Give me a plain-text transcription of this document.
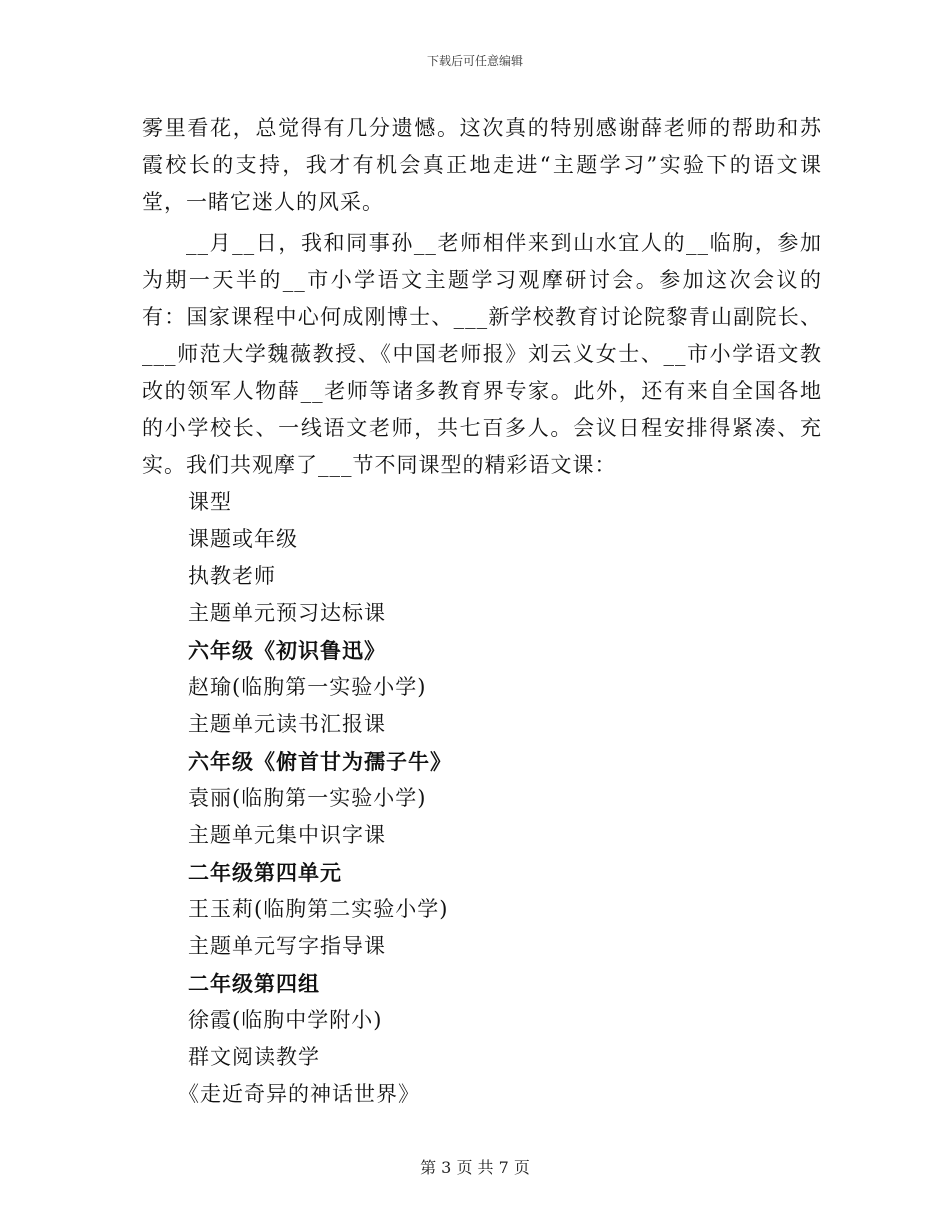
下载后可任意编辑

雾里看花，总觉得有几分遗憾。这次真的特别感谢薛老师的帮助和苏霞校长的支持，我才有机会真正地走进“主题学习”实验下的语文课堂，一睹它迷人的风采。

__月__日，我和同事孙__老师相伴来到山水宜人的__临朐，参加为期一天半的__市小学语文主题学习观摩研讨会。参加这次会议的有：国家课程中心何成刚博士、___新学校教育讨论院黎青山副院长、___师范大学魏薇教授、《中国老师报》刘云义女士、__市小学语文教改的领军人物薛__老师等诸多教育界专家。此外，还有来自全国各地的小学校长、一线语文老师，共七百多人。会议日程安排得紧凑、充实。我们共观摩了___节不同课型的精彩语文课：

课型
课题或年级
执教老师
主题单元预习达标课
六年级《初识鲁迅》
赵瑜(临朐第一实验小学)
主题单元读书汇报课
六年级《俯首甘为孺子牛》
袁丽(临朐第一实验小学)
主题单元集中识字课
二年级第四单元
王玉莉(临朐第二实验小学)
主题单元写字指导课
二年级第四组
徐霞(临朐中学附小)
群文阅读教学
《走近奇异的神话世界》
第 3 页 共 7 页
